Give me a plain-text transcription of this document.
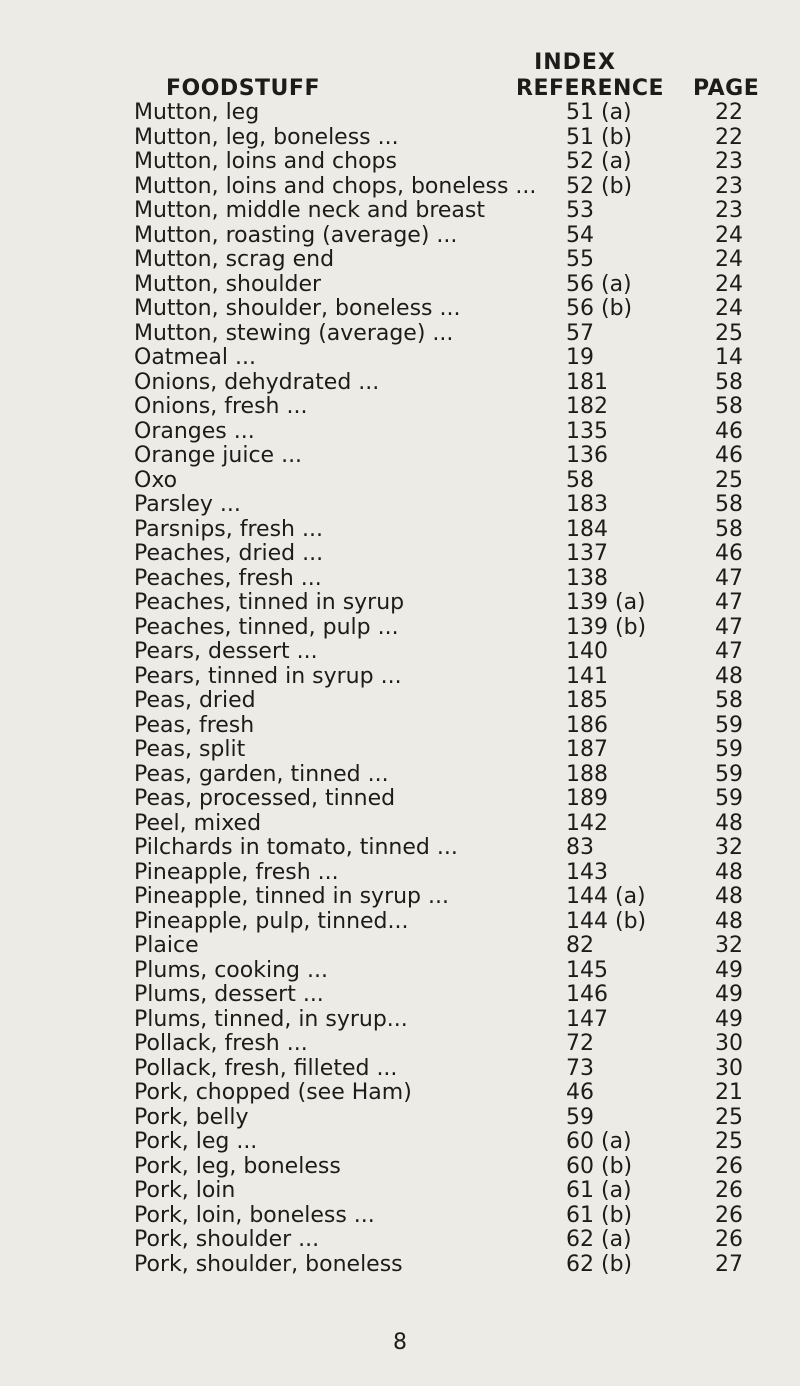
INDEX
FOODSTUFF	REFERENCE PAGE
Mutton, leg	51 (a)	22
Mutton, leg, boneless ...	51 (b)	22
Mutton, loins and chops	52 (a)	23
Mutton, loins and chops, boneless ... 52 (b)	23
Mutton, middle neck and breast	53	23
Mutton, roasting (average) ...	54	24
Mutton, scrag end	55	24
Mutton, shoulder	56 (a)	24
Mutton, shoulder, boneless ...	56 (b)	24
Mutton, stewing (average) ...	57	25
Oatmeal ...	19	14
Onions, dehydrated ...	181	58
Onions, fresh ...	182	58
Oranges ...	135	46
Orange juice ...	136	46
Oxo	58	25
Parsley ...	183	58
Parsnips, fresh ...	184	58
Peaches, dried ...	137	46
Peaches, fresh ...	138	47
Peaches, tinned in syrup	139 (a)	47
Peaches, tinned, pulp ...	139 (b)	47
Pears, dessert ...	140	47
Pears, tinned in syrup ...	141	48
Peas, dried	185	58
Peas, fresh	186	59
Peas, split	187	59
Peas, garden, tinned ...	188	59
Peas, processed, tinned	189	59
Peel, mixed	142	48
Pilchards in tomato, tinned ...	83	32
Pineapple, fresh ...	143	48
Pineapple, tinned in syrup ...	144 (a)	48
Pineapple, pulp, tinned...	144 (b)	48
Plaice	82	32
Plums, cooking ...	145	49
Plums, dessert ...	146	49
Plums, tinned, in syrup...	147	49
Pollack, fresh ...	72	30
Pollack, fresh, filleted ...	73	30
Pork, chopped (see Ham)	46	21
Pork, belly	59	25
Pork, leg ...	60 (a)	25
Pork, leg, boneless	60 (b)	26
Pork, loin	61 (a)	26
Pork, loin, boneless ...	61 (b)	26
Pork, shoulder ...	62 (a)	26
Pork, shoulder, boneless	62 (b)	27
8
